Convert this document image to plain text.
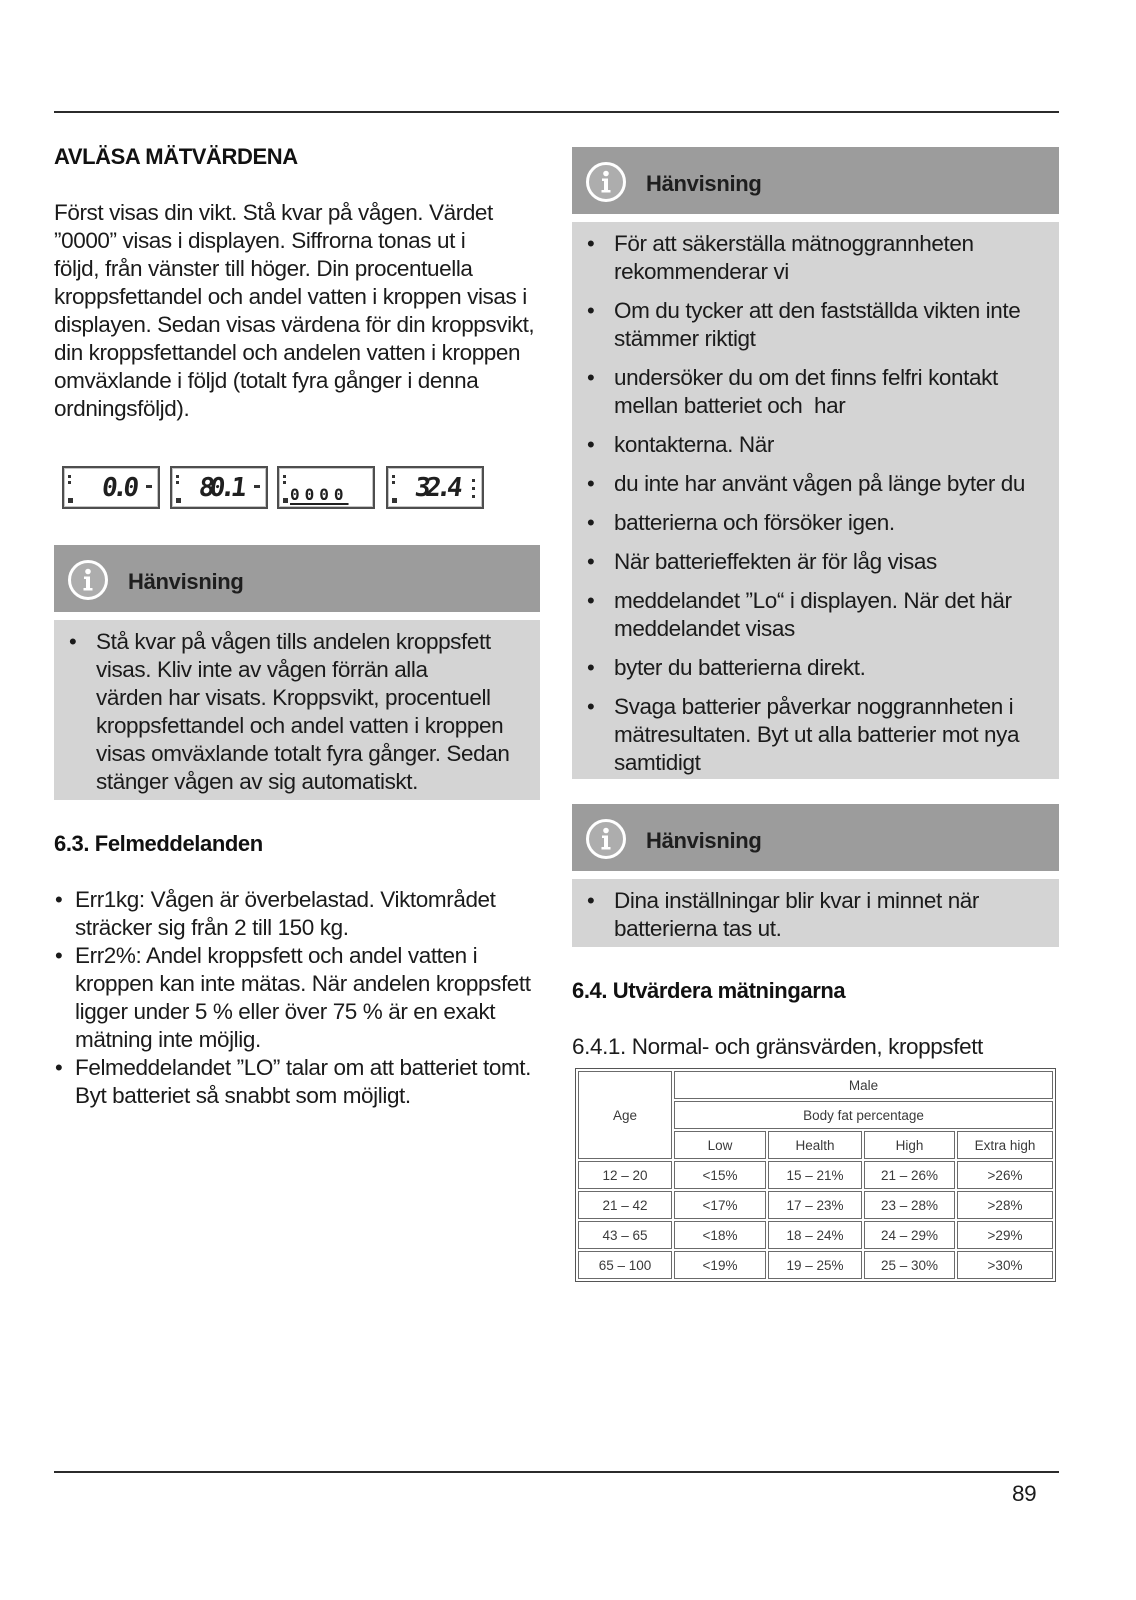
AVLÄSA MÄTVÄRDENA

Först visas din vikt. Stå kvar på vågen. Värdet
”0000” visas i displayen. Siffrorna tonas ut i
följd, från vänster till höger. Din procentuella
kroppsfettandel och andel vatten i kroppen visas i
displayen. Sedan visas värdena för din kroppsvikt,
din kroppsfettandel och andelen vatten i kroppen
omväxlande i följd (totalt fyra gånger i denna
ordningsföljd).

0.0 80.1	0000	32.4
Hänvisning
• Stå kvar på vågen tills andelen kroppsfett
visas. Kliv inte av vågen förrän alla
värden har visats. Kroppsvikt, procentuell
kroppsfettandel och andel vatten i kroppen
visas omväxlande totalt fyra gånger. Sedan
stänger vågen av sig automatiskt.
6.3. Felmeddelanden
• Err1kg: Vågen är överbelastad. Viktområdet
sträcker sig från 2 till 150 kg.
• Err2%: Andel kroppsfett och andel vatten i
kroppen kan inte mätas. När andelen kroppsfett
ligger under 5 % eller över 75 % är en exakt
mätning inte möjlig.
• Felmeddelandet ”LO” talar om att batteriet tomt.
Byt batteriet så snabbt som möjligt.
Hänvisning
• För att säkerställa mätnoggrannheten
rekommenderar vi
• Om du tycker att den fastställda vikten inte
stämmer riktigt
• undersöker du om det finns felfri kontakt
mellan batteriet och  har
• kontakterna. När
• du inte har använt vågen på länge byter du
• batterierna och försöker igen.
• När batterieffekten är för låg visas
• meddelandet ”Lo“ i displayen. När det här
meddelandet visas
• byter du batterierna direkt.
• Svaga batterier påverkar noggrannheten i
mätresultaten. Byt ut alla batterier mot nya
samtidigt
Hänvisning
• Dina inställningar blir kvar i minnet när
batterierna tas ut.
6.4. Utvärdera mätningarna

6.4.1. Normal- och gränsvärden, kroppsfett

Age	Male			
	Body fat percentage			
	Low	Health	High	Extra high
12 – 20	<15%	15 – 21%	21 – 26%	>26%
21 – 42	<17%	17 – 23%	23 – 28%	>28%
43 – 65	<18%	18 – 24%	24 – 29%	>29%
65 – 100	<19%	19 – 25%	25 – 30%	>30%
89
